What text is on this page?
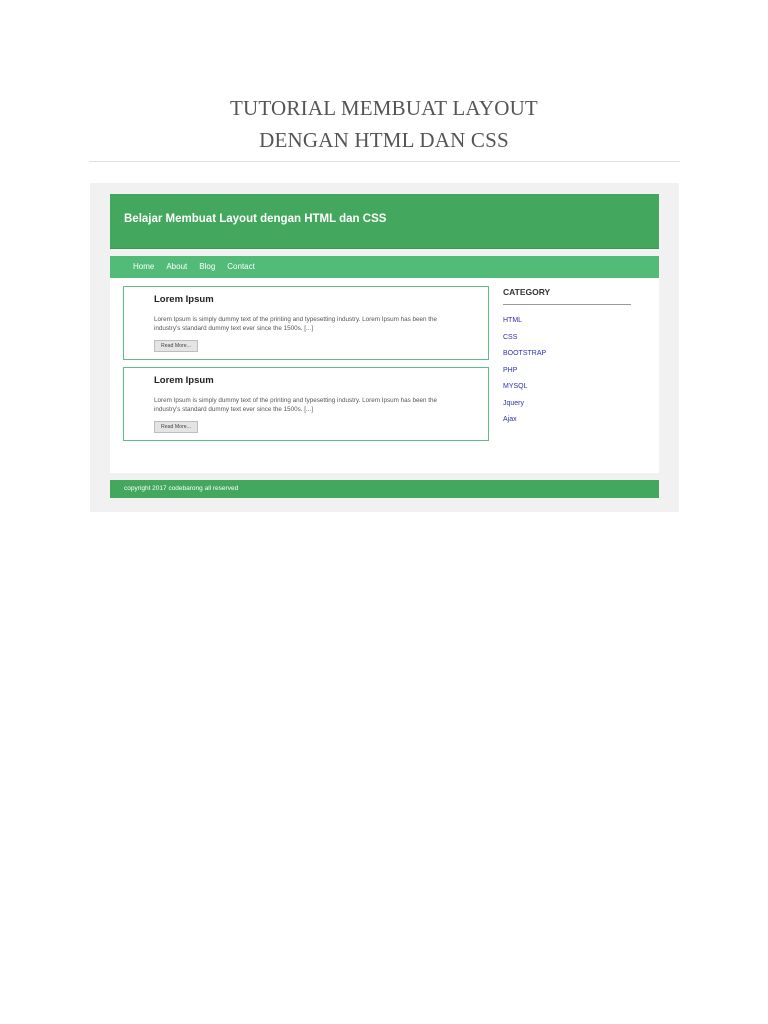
TUTORIAL MEMBUAT LAYOUT
DENGAN HTML DAN CSS
Belajar Membuat Layout dengan HTML dan CSS
Home About Blog Contact
Lorem Ipsum
Lorem Ipsum is simply dummy text of the printing and typesetting industry. Lorem Ipsum has been the industry's standard dummy text ever since the 1500s. [...]
Read More...
Lorem Ipsum
Lorem Ipsum is simply dummy text of the printing and typesetting industry. Lorem Ipsum has been the industry's standard dummy text ever since the 1500s. [...]
Read More...
CATEGORY
HTML
CSS
BOOTSTRAP
PHP
MYSQL
Jquery
Ajax
copyright 2017 codebarong all reserved
